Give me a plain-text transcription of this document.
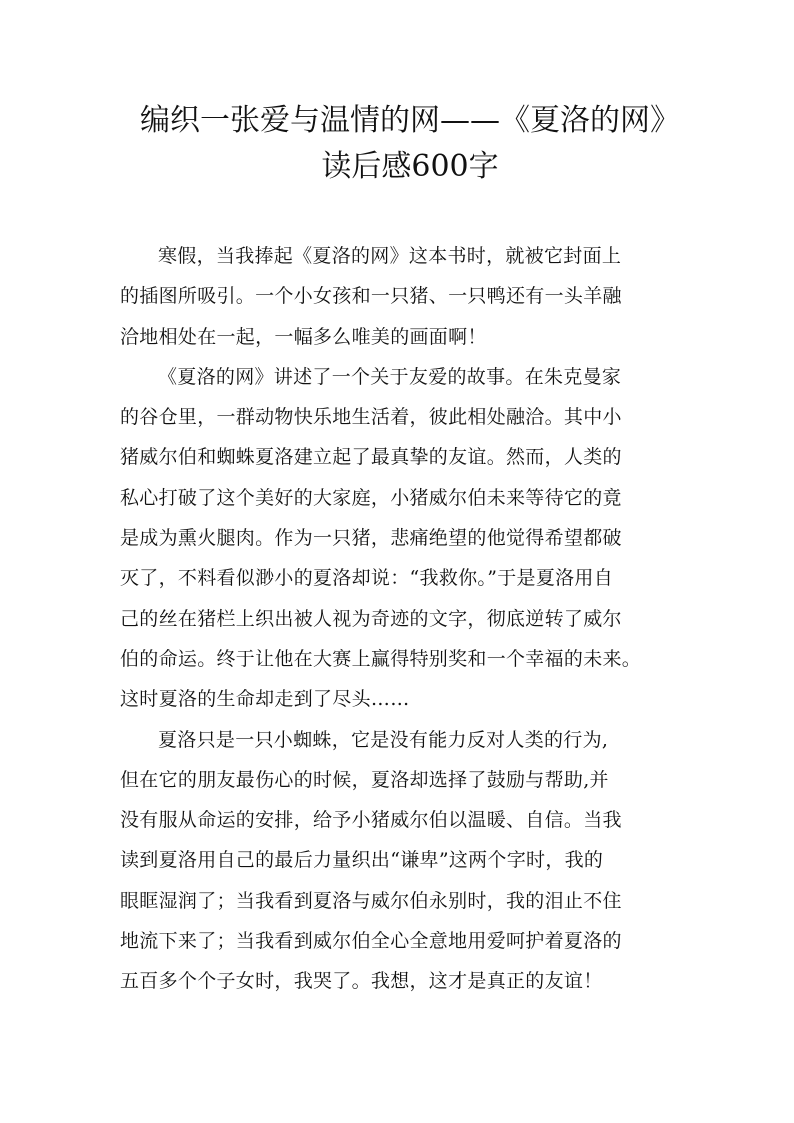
编织一张爱与温情的网——《夏洛的网》
读后感600字
寒假，当我捧起《夏洛的网》这本书时，就被它封面上
的插图所吸引。一个小女孩和一只猪、一只鸭还有一头羊融
洽地相处在一起，一幅多么唯美的画面啊！
《夏洛的网》讲述了一个关于友爱的故事。在朱克曼家
的谷仓里，一群动物快乐地生活着，彼此相处融洽。其中小
猪威尔伯和蜘蛛夏洛建立起了最真挚的友谊。然而，人类的
私心打破了这个美好的大家庭，小猪威尔伯未来等待它的竟
是成为熏火腿肉。作为一只猪，悲痛绝望的他觉得希望都破
灭了，不料看似渺小的夏洛却说：“我救你。”于是夏洛用自
己的丝在猪栏上织出被人视为奇迹的文字，彻底逆转了威尔
伯的命运。终于让他在大赛上赢得特别奖和一个幸福的未来。
这时夏洛的生命却走到了尽头……
夏洛只是一只小蜘蛛，它是没有能力反对人类的行为,
但在它的朋友最伤心的时候，夏洛却选择了鼓励与帮助,并
没有服从命运的安排，给予小猪威尔伯以温暖、自信。当我
读到夏洛用自己的最后力量织出“谦卑”这两个字时，我的
眼眶湿润了；当我看到夏洛与威尔伯永别时，我的泪止不住
地流下来了；当我看到威尔伯全心全意地用爱呵护着夏洛的
五百多个个子女时，我哭了。我想，这才是真正的友谊！
